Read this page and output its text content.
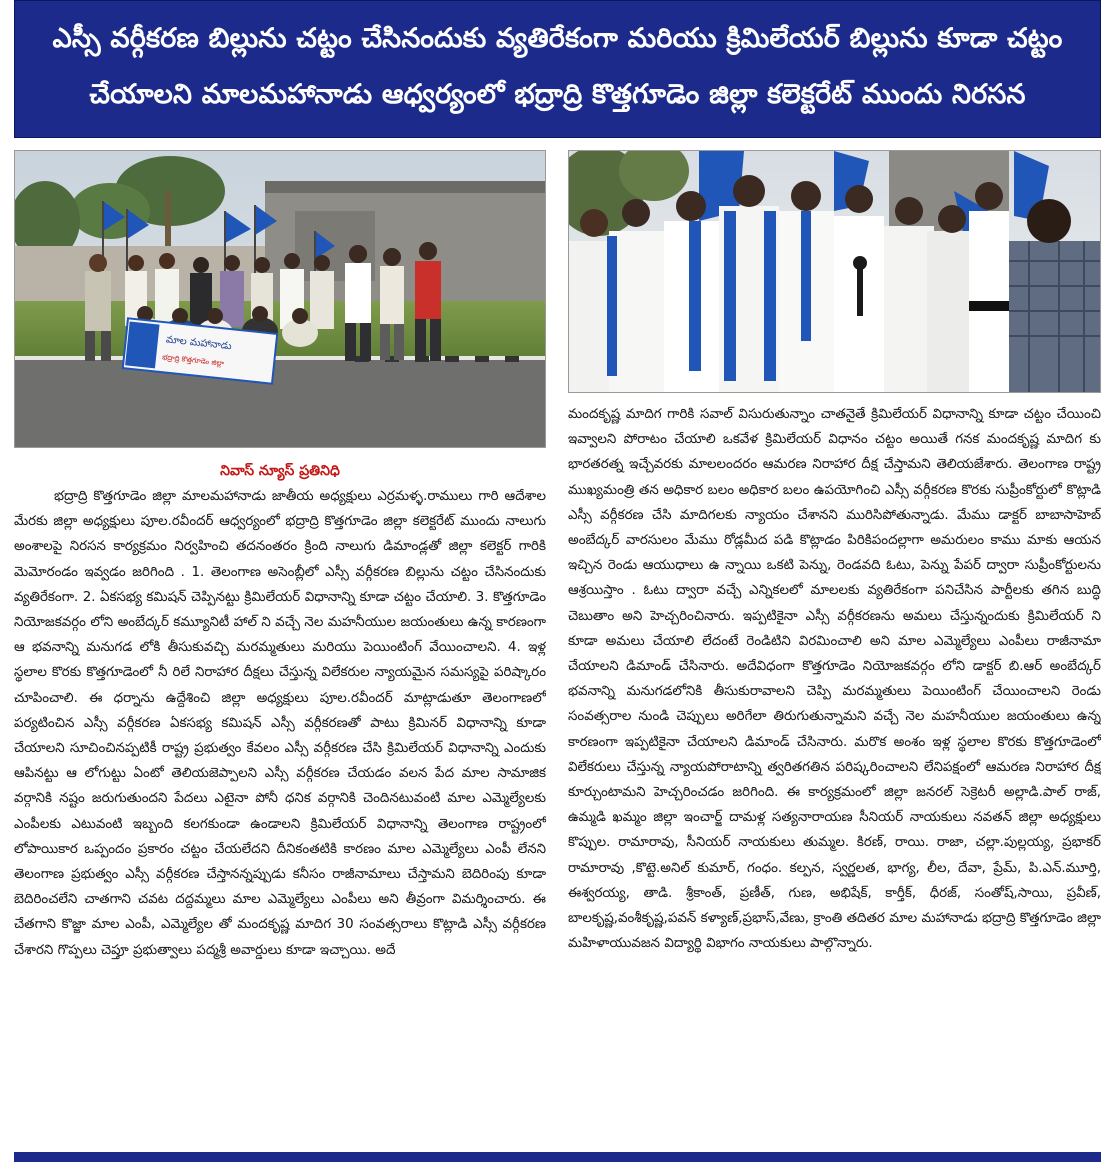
ఎస్సీ వర్గీకరణ బిల్లును చట్టం చేసినందుకు వ్యతిరేకంగా మరియు క్రిమిలేయర్ బిల్లును కూడా చట్టం
చేయాలని మాలమహానాడు ఆధ్వర్యంలో భద్రాద్రి కొత్తగూడెం జిల్లా కలెక్టరేట్ ముందు నిరసన
మాల మహానాడు
భద్రాద్రి కొత్తగూడెం జిల్లా
నివాస్ న్యూస్ ప్రతినిధి
భద్రాద్రి కొత్తగూడెం జిల్లా మాలమహానాడు జాతీయ అధ్యక్షులు ఎర్రమళ్ళ.రాములు గారి ఆదేశాల మేరకు జిల్లా అధ్యక్షులు పూల.రవీందర్ ఆధ్వర్యంలో భద్రాద్రి కొత్తగూడెం జిల్లా కలెక్టరేట్ ముందు నాలుగు అంశాలపై నిరసన కార్యక్రమం నిర్వహించి తదనంతరం క్రింది నాలుగు డిమాండ్లతో జిల్లా కలెక్టర్ గారికి మెమోరండం ఇవ్వడం జరిగింది . 1. తెలంగాణ అసెంబ్లీలో ఎస్సీ వర్గీకరణ బిల్లును చట్టం చేసినందుకు వ్యతిరేకంగా. 2. ఏకసభ్య కమిషన్ చెప్పినట్టు క్రిమిలేయర్ విధానాన్ని కూడా చట్టం చేయాలి. 3. కొత్తగూడెం నియోజకవర్గం లోని అంబేద్కర్ కమ్యూనిటీ హాల్ ని వచ్చే నెల మహనీయుల జయంతులు ఉన్న కారణంగా ఆ భవనాన్ని మనుగడ లోకి తీసుకువచ్చి మరమ్మతులు మరియు పెయింటింగ్ వేయించాలని. 4. ఇళ్ల స్థలాల కొరకు కొత్తగూడెంలో నీ రిలే నిరాహార దీక్షలు చేస్తున్న విలేకరుల న్యాయమైన సమస్యపై పరిష్కారం చూపించాలి. ఈ ధర్నాను ఉద్దేశించి జిల్లా అధ్యక్షులు పూల.రవీందర్ మాట్లాడుతూ తెలంగాణలో పర్యటించిన ఎస్సీ వర్గీకరణ ఏకసభ్య కమిషన్ ఎస్సీ వర్గీకరణతో పాటు క్రిమినర్ విధానాన్ని కూడా చేయాలని సూచించినప్పటికీ రాష్ట్ర ప్రభుత్వం కేవలం ఎస్సీ వర్గీకరణ చేసి క్రిమిలేయర్ విధానాన్ని ఎందుకు ఆపినట్టు ఆ లోగుట్టు ఏంటో తెలియజెప్పాలని ఎస్సీ వర్గీకరణ చేయడం వలన పేద మాల సామాజిక వర్గానికి నష్టం జరుగుతుందని పేదలు ఎటైనా పోనీ ధనిక వర్గానికి చెందినటువంటి మాల ఎమ్మెల్యేలకు ఎంపీలకు ఎటువంటి ఇబ్బంది కలగకుండా ఉండాలని క్రిమిలేయర్ విధానాన్ని తెలంగాణ రాష్ట్రంలో లోపాయికార ఒప్పందం ప్రకారం చట్టం చేయలేదని దీనికంతటికి కారణం మాల ఎమ్మెల్యేలు ఎంపీ లేనని తెలంగాణ ప్రభుత్వం ఎస్సీ వర్గీకరణ చేస్తానన్నప్పుడు కనీసం రాజీనామాలు చేస్తామని బెదిరింపు కూడా బెదిరించలేని చాతగాని చవట దద్దమ్మలు మాల ఎమ్మెల్యేలు ఎంపీలు అని తీవ్రంగా విమర్శించారు. ఈ చేతగాని కొజ్జా మాల ఎంపీ, ఎమ్మెల్యేల తో మందకృష్ణ మాదిగ 30 సంవత్సరాలు కొట్లాడి ఎస్సీ వర్గీకరణ చేశారని గొప్పలు చెప్తూ ప్రభుత్వాలు పద్మశ్రీ అవార్డులు కూడా ఇచ్చాయి. అదే
మందకృష్ణ మాదిగ గారికి సవాల్ విసురుతున్నాం చాతనైతే క్రిమిలేయర్ విధానాన్ని కూడా చట్టం చేయించి ఇవ్వాలని పోరాటం చేయాలి ఒకవేళ క్రిమిలేయర్ విధానం చట్టం అయితే గనక మందకృష్ణ మాదిగ కు భారతరత్న ఇచ్చేవరకు మాలలందరం ఆమరణ నిరాహార దీక్ష చేస్తామని తెలియజేశారు. తెలంగాణ రాష్ట్ర ముఖ్యమంత్రి తన అధికార బలం అధికార బలం ఉపయోగించి ఎస్సీ వర్గీకరణ కొరకు సుప్రీంకోర్టులో కొట్లాడి ఎస్సీ వర్గీకరణ చేసి మాదిగలకు న్యాయం చేశానని మురిసిపోతున్నాడు. మేము డాక్టర్ బాబాసాహెబ్ అంబేద్కర్ వారసులం మేము రోడ్లమీద పడి కొట్లాడం పిరికిపందల్లాగా అమరులం కాము మాకు ఆయన ఇచ్చిన రెండు ఆయుధాలు ఉ న్నాయి ఒకటి పెన్ను, రెండవది ఓటు, పెన్ను పేపర్ ద్వారా సుప్రీంకోర్టులను ఆశ్రయిస్తాం . ఓటు ద్వారా వచ్చే ఎన్నికలలో మాలలకు వ్యతిరేకంగా పనిచేసిన పార్టీలకు తగిన బుద్ధి చెబుతాం అని హెచ్చరించినారు. ఇప్పటికైనా ఎస్సీ వర్గీకరణను అమలు చేస్తున్నందుకు క్రిమిలేయర్ ని కూడా అమలు చేయాలి లేదంటే రెండిటిని విరమించాలి అని మాల ఎమ్మెల్యేలు ఎంపీలు రాజీనామా చేయాలని డిమాండ్ చేసినారు. అదేవిధంగా కొత్తగూడెం నియోజకవర్గం లోని డాక్టర్ బి.ఆర్ అంబేద్కర్ భవనాన్ని మనుగడలోనికి తీసుకురావాలని చెప్పి మరమ్మతులు పెయింటింగ్ చేయించాలని రెండు సంవత్సరాల నుండి చెప్పులు అరిగేలా తిరుగుతున్నామని వచ్చే నెల మహనీయుల జయంతులు ఉన్న కారణంగా ఇప్పటికైనా చేయాలని డిమాండ్ చేసినారు. మరొక అంశం ఇళ్ల స్థలాల కొరకు కొత్తగూడెంలో విలేకరులు చేస్తున్న న్యాయపోరాటాన్ని త్వరితగతిన పరిష్కరించాలని లేనిపక్షంలో ఆమరణ నిరాహార దీక్ష కూర్చుంటామని హెచ్చరించడం జరిగింది. ఈ కార్యక్రమంలో జిల్లా జనరల్ సెక్రెటరీ అల్లాడి.పాల్ రాజ్, ఉమ్మడి ఖమ్మం జిల్లా ఇంచార్జ్ దామళ్ల సత్యనారాయణ సీనియర్ నాయకులు నవతన్ జిల్లా అధ్యక్షులు కొప్పుల. రామారావు, సీనియర్ నాయకులు తుమ్మల. కిరణ్, రాయి. రాజా, చల్లా.పుల్లయ్య, ప్రభాకర్ రామారావు ,కొట్టె.అనిల్ కుమార్, గంధం. కల్పన, స్వర్ణలత, భాగ్య, లీల, దేవా, ప్రేమ్, పి.ఎన్.మూర్తి, ఈశ్వరయ్య, తాడి. శ్రీకాంత్, ప్రణీత్, గుణ, అభిషేక్, కార్తీక్, ధీరజ్, సంతోష్,సాయి, ప్రవీణ్, బాలకృష్ణ,వంశీకృష్ణ,పవన్ కళ్యాణ్,ప్రభాస్,వేణు, క్రాంతి తదితర మాల మహానాడు భద్రాద్రి కొత్తగూడెం జిల్లా మహిళాయువజన విద్యార్థి విభాగం నాయకులు పాల్గొన్నారు.
